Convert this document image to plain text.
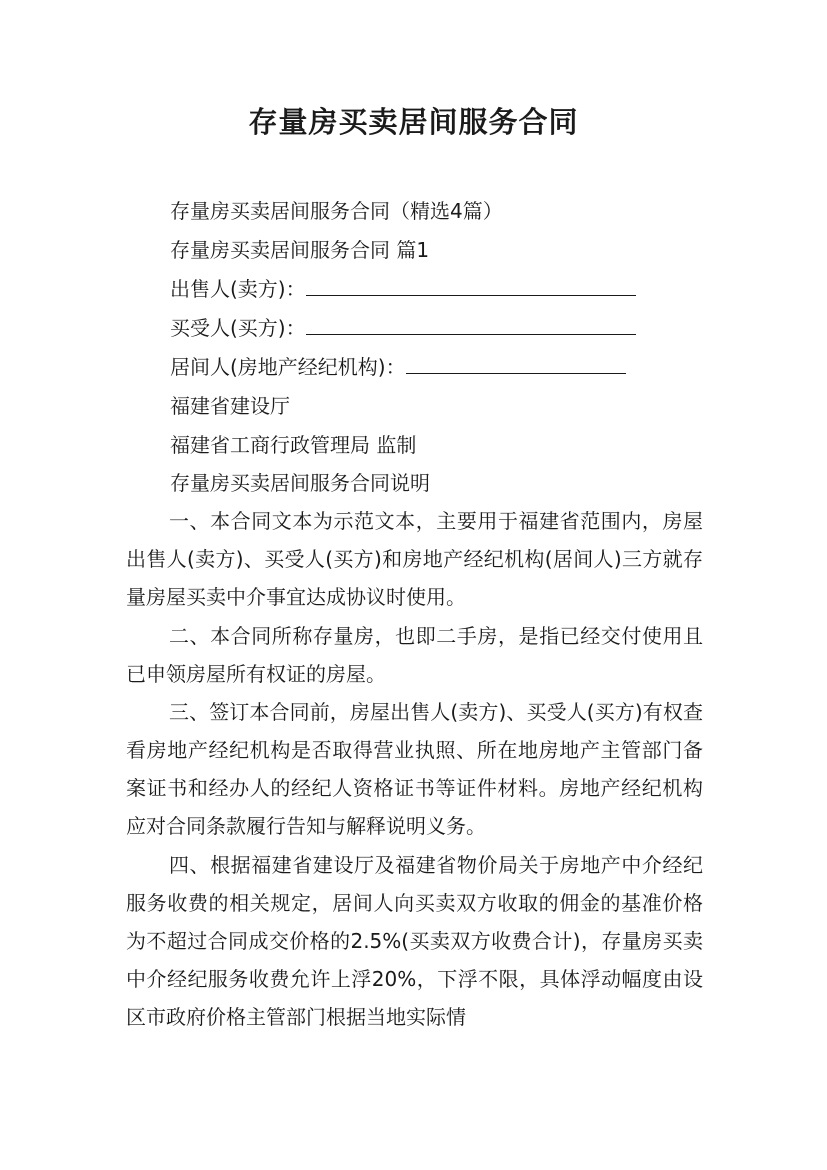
存量房买卖居间服务合同

存量房买卖居间服务合同（精选4篇）

存量房买卖居间服务合同 篇1

出售人(卖方)：

买受人(买方)：

居间人(房地产经纪机构)：

福建省建设厅

福建省工商行政管理局 监制

存量房买卖居间服务合同说明

一、本合同文本为示范文本，主要用于福建省范围内，房屋出售人(卖方)、买受人(买方)和房地产经纪机构(居间人)三方就存量房屋买卖中介事宜达成协议时使用。

二、本合同所称存量房，也即二手房，是指已经交付使用且已申领房屋所有权证的房屋。

三、签订本合同前，房屋出售人(卖方)、买受人(买方)有权查看房地产经纪机构是否取得营业执照、所在地房地产主管部门备案证书和经办人的经纪人资格证书等证件材料。房地产经纪机构应对合同条款履行告知与解释说明义务。

四、根据福建省建设厅及福建省物价局关于房地产中介经纪服务收费的相关规定，居间人向买卖双方收取的佣金的基准价格为不超过合同成交价格的2.5%(买卖双方收费合计)，存量房买卖中介经纪服务收费允许上浮20%，下浮不限，具体浮动幅度由设区市政府价格主管部门根据当地实际情
